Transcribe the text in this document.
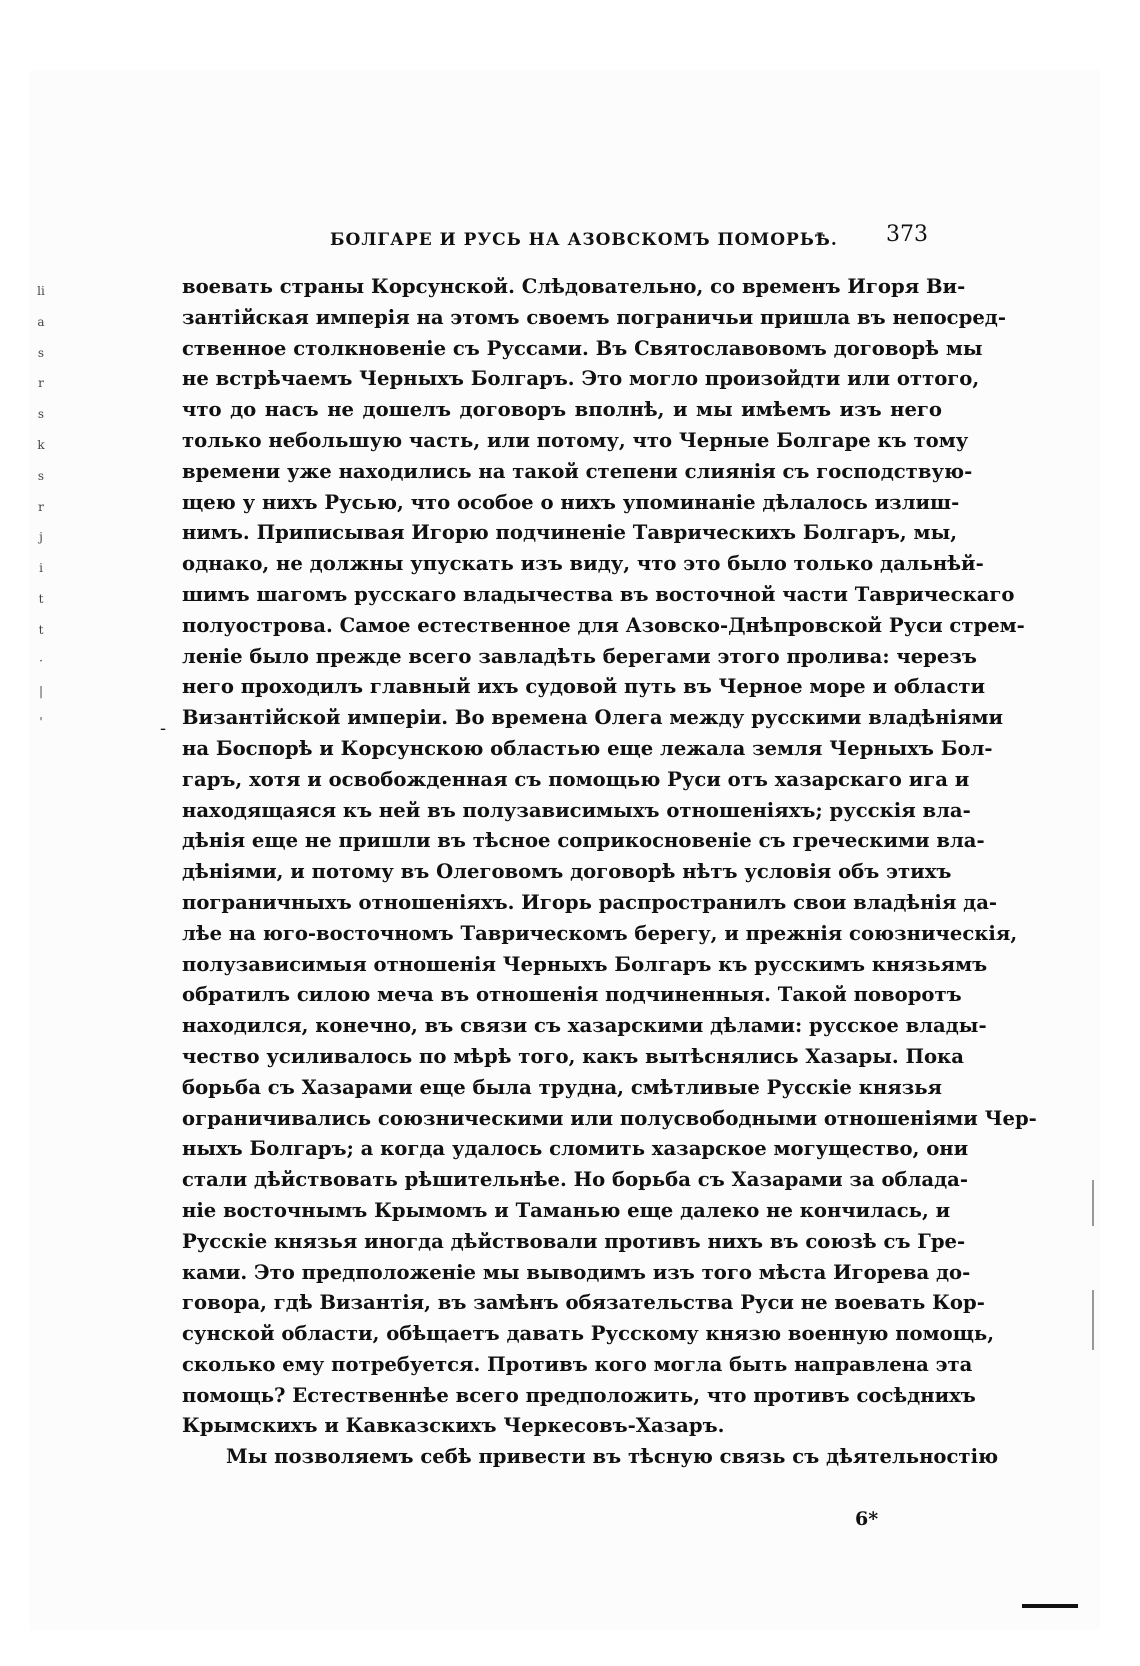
БОЛГАРЕ И РУСЬ НА АЗОВСКОМЪ ПОМОРЬѢ. 373
li
a
s
r
s
k
s
r
j
i
t
t
·
|
'	-
воевать страны Корсунской. Слѣдовательно, со временъ Игоря Ви-
зантійская имперія на этомъ своемъ пограничьи пришла въ непосред-
ственное столкновеніе съ Руссами. Въ Святославовомъ договорѣ мы
не встрѣчаемъ Черныхъ Болгаръ. Это могло произойдти или оттого,
что до насъ не дошелъ договоръ вполнѣ, и мы имѣемъ изъ него
только небольшую часть, или потому, что Черные Болгаре къ тому
времени уже находились на такой степени слиянія съ господствую-
щею у нихъ Русью, что особое о нихъ упоминаніе дѣлалось излиш-
нимъ. Приписывая Игорю подчиненіе Таврическихъ Болгаръ, мы,
однако, не должны упускать изъ виду, что это было только дальнѣй-
шимъ шагомъ русскаго владычества въ восточной части Таврическаго
полуострова. Самое естественное для Азовско-Днѣпровской Руси стрем-
леніе было прежде всего завладѣть берегами этого пролива: черезъ
него проходилъ главный ихъ судовой путь въ Черное море и области
Византійской имперіи. Во времена Олега между русскими владѣніями
на Боспорѣ и Корсунскою областью еще лежала земля Черныхъ Бол-
гаръ, хотя и освобожденная съ помощью Руси отъ хазарскаго ига и
находящаяся къ ней въ полузависимыхъ отношеніяхъ; русскія вла-
дѣнія еще не пришли въ тѣсное соприкосновеніе съ греческими вла-
дѣніями, и потому въ Олеговомъ договорѣ нѣтъ условія объ этихъ
пограничныхъ отношеніяхъ. Игорь распространилъ свои владѣнія да-
лѣе на юго-восточномъ Таврическомъ берегу, и прежнія союзническія,
полузависимыя отношенія Черныхъ Болгаръ къ русскимъ князьямъ
обратилъ силою меча въ отношенія подчиненныя. Такой поворотъ
находился, конечно, въ связи съ хазарскими дѣлами: русское влады-
чество усиливалось по мѣрѣ того, какъ вытѣснялись Хазары. Пока
борьба съ Хазарами еще была трудна, смѣтливые Русскіе князья
ограничивались союзническими или полусвободными отношеніями Чер-
ныхъ Болгаръ; а когда удалось сломить хазарское могущество, они
стали дѣйствовать рѣшительнѣе. Но борьба съ Хазарами за облада-
ніе восточнымъ Крымомъ и Таманью еще далеко не кончилась, и
Русскіе князья иногда дѣйствовали противъ нихъ въ союзѣ съ Гре-
ками. Это предположеніе мы выводимъ изъ того мѣста Игорева до-
говора, гдѣ Византія, въ замѣнъ обязательства Руси не воевать Кор-
сунской области, обѣщаетъ давать Русскому князю военную помощь,
сколько ему потребуется. Противъ кого могла быть направлена эта
помощь? Естественнѣе всего предположить, что противъ сосѣднихъ
Крымскихъ и Кавказскихъ Черкесовъ-Хазаръ.
Мы позволяемъ себѣ привести въ тѣсную связь съ дѣятельностію
6*
